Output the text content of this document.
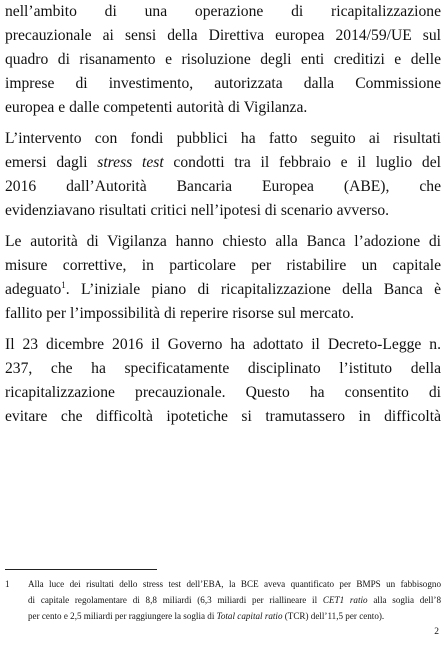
nell’ambito di una operazione di ricapitalizzazione
precauzionale ai sensi della Direttiva europea 2014/59/UE sul
quadro di risanamento e risoluzione degli enti creditizi e delle
imprese di investimento, autorizzata dalla Commissione
europea e dalle competenti autorità di Vigilanza.

L’intervento con fondi pubblici ha fatto seguito ai risultati
emersi dagli stress test condotti tra il febbraio e il luglio del
2016 dall’Autorità Bancaria Europea (ABE), che
evidenziavano risultati critici nell’ipotesi di scenario avverso.

Le autorità di Vigilanza hanno chiesto alla Banca l’adozione di
misure correttive, in particolare per ristabilire un capitale
adeguato$^1$. L’iniziale piano di ricapitalizzazione della Banca è
fallito per l’impossibilità di reperire risorse sul mercato.

Il 23 dicembre 2016 il Governo ha adottato il Decreto-Legge n.
237, che ha specificatamente disciplinato l’istituto della
ricapitalizzazione precauzionale. Questo ha consentito di
evitare che difficoltà ipotetiche si tramutassero in difficoltà

1 Alla luce dei risultati dello stress test dell’EBA, la BCE aveva quantificato per BMPS un fabbisogno
di capitale regolamentare di 8,8 miliardi (6,3 miliardi per riallineare il CET1 ratio alla soglia dell’8
per cento e 2,5 miliardi per raggiungere la soglia di Total capital ratio (TCR) dell’11,5 per cento).
2
